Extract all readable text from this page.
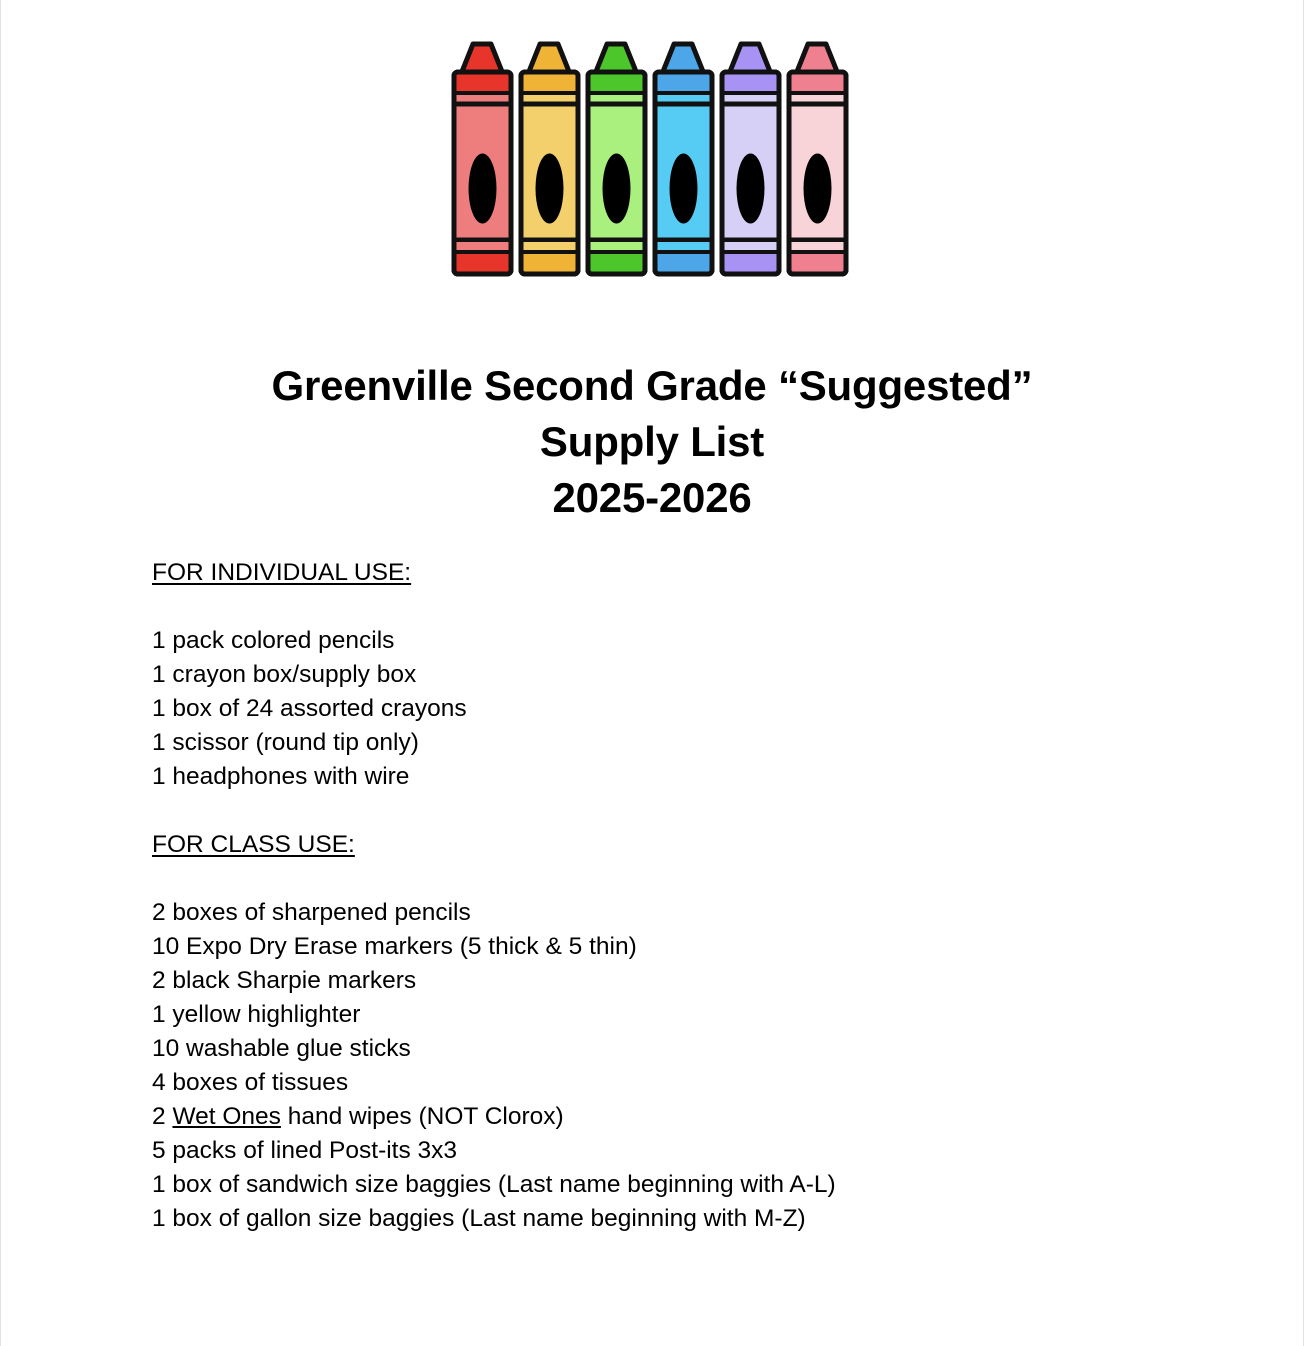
Greenville Second Grade “Suggested”
Supply List
2025-2026
FOR INDIVIDUAL USE:
1 pack colored pencils
1 crayon box/supply box
1 box of 24 assorted crayons
1 scissor (round tip only)
1 headphones with wire
FOR CLASS USE:
2 boxes of sharpened pencils
10 Expo Dry Erase markers (5 thick & 5 thin)
2 black Sharpie markers
1 yellow highlighter
10 washable glue sticks
4 boxes of tissues
2 Wet Ones hand wipes (NOT Clorox)
5 packs of lined Post-its 3x3
1 box of sandwich size baggies (Last name beginning with A-L)
1 box of gallon size baggies (Last name beginning with M-Z)
